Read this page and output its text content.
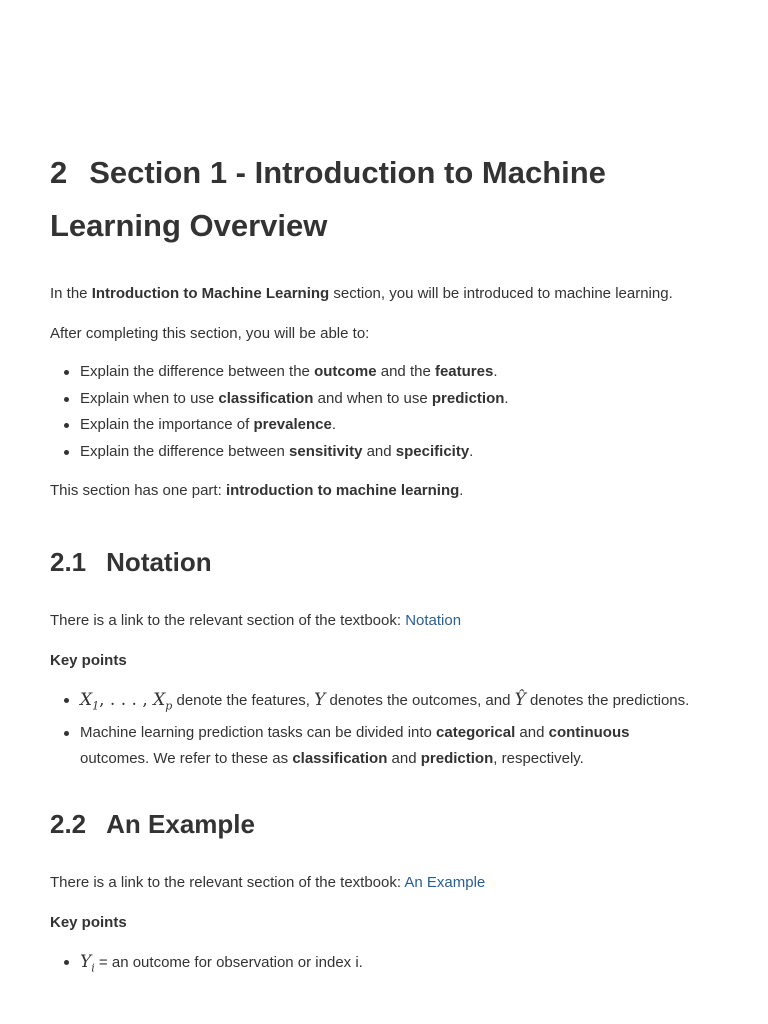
2 Section 1 - Introduction to Machine Learning Overview

In the Introduction to Machine Learning section, you will be introduced to machine learning.

After completing this section, you will be able to:

Explain the difference between the outcome and the features.
Explain when to use classification and when to use prediction.
Explain the importance of prevalence.
Explain the difference between sensitivity and specificity.

This section has one part: introduction to machine learning.

2.1 Notation

There is a link to the relevant section of the textbook: Notation

Key points

$X_1$, . . . , $X_p$ denote the features, Y denotes the outcomes, and Ŷ denotes the predictions.
Machine learning prediction tasks can be divided into categorical and continuous
outcomes. We refer to these as classification and prediction, respectively.
2.2 An Example

There is a link to the relevant section of the textbook: An Example

Key points

$Y_i$ = an outcome for observation or index i.
